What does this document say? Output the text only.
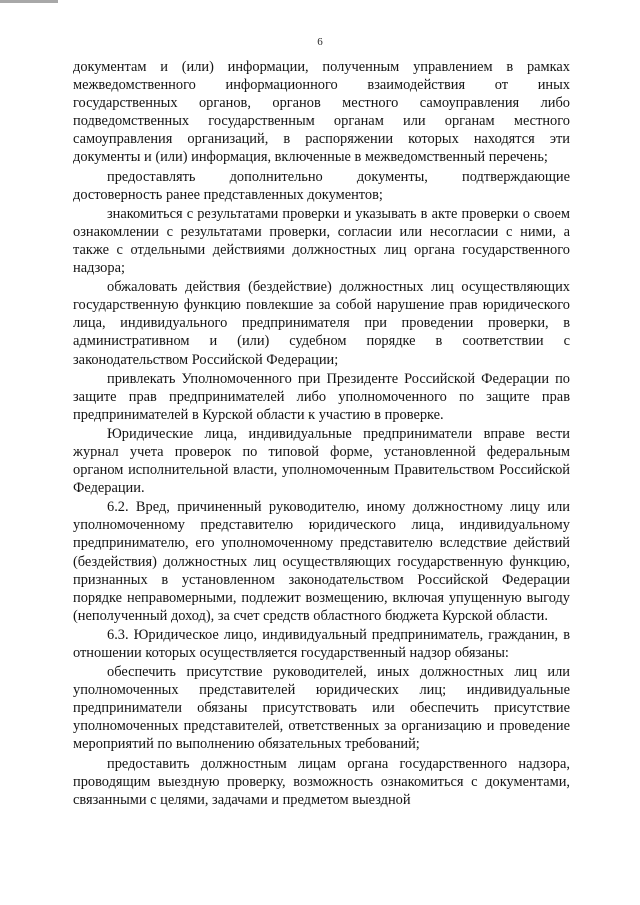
6

документам и (или) информации, полученным управлением в рамках межведомственного информационного взаимодействия от иных государственных органов, органов местного самоуправления либо подведомственных государственным органам или органам местного самоуправления организаций, в распоряжении которых находятся эти документы и (или) информация, включенные в межведомственный перечень;

предоставлять дополнительно документы, подтверждающие достоверность ранее представленных документов;

знакомиться с результатами проверки и указывать в акте проверки о своем ознакомлении с результатами проверки, согласии или несогласии с ними, а также с отдельными действиями должностных лиц органа государственного надзора;

обжаловать действия (бездействие) должностных лиц осуществляющих государственную функцию повлекшие за собой нарушение прав юридического лица, индивидуального предпринимателя при проведении проверки, в административном и (или) судебном порядке в соответствии с законодательством Российской Федерации;

привлекать Уполномоченного при Президенте Российской Федерации по защите прав предпринимателей либо уполномоченного по защите прав предпринимателей в Курской области к участию в проверке.

Юридические лица, индивидуальные предприниматели вправе вести журнал учета проверок по типовой форме, установленной федеральным органом исполнительной власти, уполномоченным Правительством Российской Федерации.

6.2. Вред, причиненный руководителю, иному должностному лицу или уполномоченному представителю юридического лица, индивидуальному предпринимателю, его уполномоченному представителю вследствие действий (бездействия) должностных лиц осуществляющих государственную функцию, признанных в установленном законодательством Российской Федерации порядке неправомерными, подлежит возмещению, включая упущенную выгоду (неполученный доход), за счет средств областного бюджета Курской области.

6.3. Юридическое лицо, индивидуальный предприниматель, гражданин, в отношении которых осуществляется государственный надзор обязаны:

обеспечить присутствие руководителей, иных должностных лиц или уполномоченных представителей юридических лиц; индивидуальные предприниматели обязаны присутствовать или обеспечить присутствие уполномоченных представителей, ответственных за организацию и проведение мероприятий по выполнению обязательных требований;

предоставить должностным лицам органа государственного надзора, проводящим выездную проверку, возможность ознакомиться с документами, связанными с целями, задачами и предметом выездной
